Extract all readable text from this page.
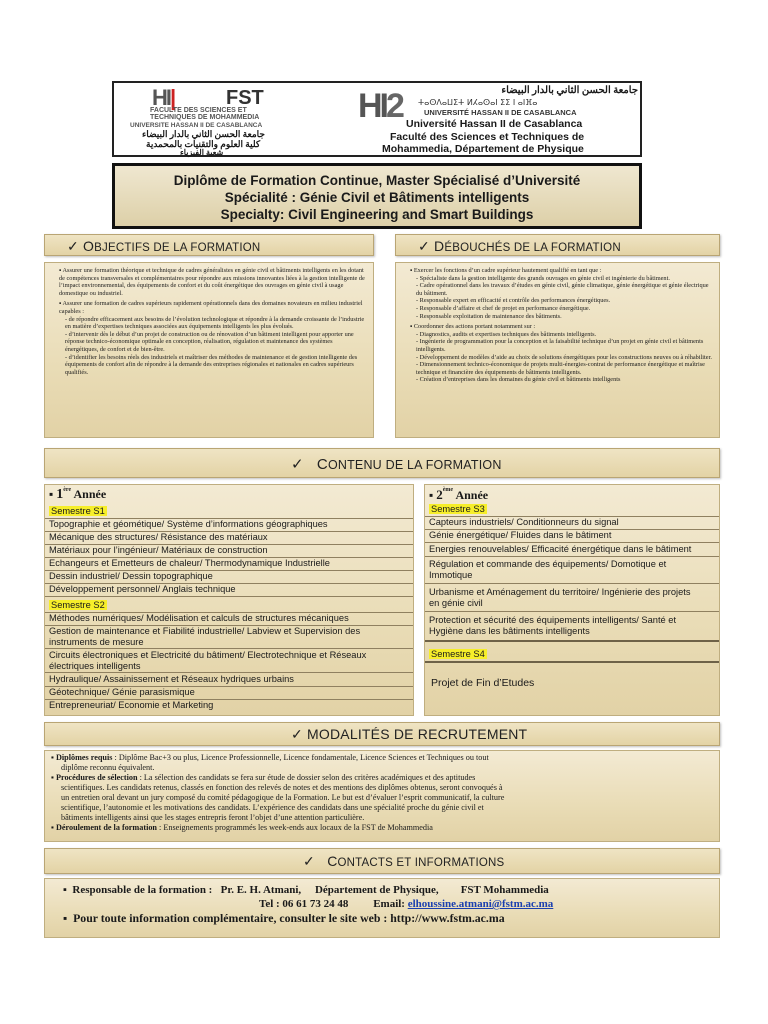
HI|	FST
FACULTE DES SCIENCES ET
TECHNIQUES DE MOHAMMEDIA
UNIVERSITE HASSAN II DE CASABLANCA
جامعة الحسن الثاني بالدار البيضاء
كلية العلوم والتقنيات بالمحمدية
شعبة الفيزياء
HI2	جامعة الحسن الثاني بالدار البيضاء
ⵜⴰⵙⴷⴰⵡⵉⵜ ⵍⵃⴰⵙⴰⵏ ⵉⵉ ⵏ ⴰⵏⴼⴰ
UNIVERSITÉ HASSAN II DE CASABLANCA
Université Hassan II de Casablanca
Faculté des Sciences et Techniques de
Mohammedia, Département de Physique
Diplôme de Formation Continue, Master Spécialisé d’Université
Spécialité : Génie Civil et Bâtiments intelligents
Specialty: Civil Engineering and Smart Buildings
✓ OBJECTIFS DE LA FORMATION
▪ Assurer une formation théorique et technique de cadres généralistes en génie civil et bâtiments intelligents en les dotant de compétences transversales et complémentaires pour répondre aux missions innovantes liées à la gestion intelligente de l’impact environnemental, des équipements de confort et du coût énergétique des ouvrages en génie civil à usage domestique ou industriel.
▪ Assurer une formation de cadres supérieurs rapidement opérationnels dans des domaines novateurs en milieu industriel capables :
- de répondre efficacement aux besoins de l’évolution technologique et répondre à la demande croissante de l’industrie en matière d’expertises techniques associées aux équipements intelligents les plus évolués.
- d’intervenir dès le début d’un projet de construction ou de rénovation d’un bâtiment intelligent pour apporter une réponse technico-économique optimale en conception, réalisation, régulation et maintenance des systèmes énergétiques, de confort et de bien-être.
- d’identifier les besoins réels des industriels et maîtriser des méthodes de maintenance et de gestion intelligente des équipements de confort afin de répondre à la demande des entreprises régionales et nationales en cadres supérieurs qualifiés.
✓ DÉBOUCHÉS DE LA FORMATION
▪ Exercer les fonctions d’un cadre supérieur hautement qualifié en tant que :
- Spécialiste dans la gestion intelligente des grands ouvrages en génie civil et ingénierie du bâtiment.
- Cadre opérationnel dans les travaux d’études en génie civil, génie climatique, génie énergétique et génie électrique du bâtiment.
- Responsable expert en efficacité et contrôle des performances énergétiques.
- Responsable d’affaire et chef de projet en performance énergétique.
- Responsable exploitation de maintenance des bâtiments.
▪ Coordonner des actions portant notamment sur :
- Diagnostics, audits et expertises techniques des bâtiments intelligents.
- Ingénierie de programmation pour la conception et la faisabilité technique d’un projet en génie civil et bâtiments intelligents.
- Développement de modèles d’aide au choix de solutions énergétiques pour les constructions neuves ou à réhabiliter.
- Dimensionnement technico-économique de projets multi-énergies-contrat de performance énergétique et maîtrise technique et financière des équipements de bâtiments intelligents.
- Création d’entreprises dans les domaines du génie civil et bâtiments intelligents
✓ CONTENU DE LA FORMATION
▪ 1ère Année
Semestre S1
Topographie et géométique/ Système d’informations géographiques
Mécanique des structures/ Résistance des matériaux
Matériaux pour l’ingénieur/ Matériaux de construction
Echangeurs et Emetteurs de chaleur/ Thermodynamique Industrielle
Dessin industriel/ Dessin topographique
Développement personnel/ Anglais technique
Semestre S2
Méthodes numériques/ Modélisation et calculs de structures mécaniques
Gestion de maintenance et Fiabilité industrielle/ Labview et Supervision des
instruments de mesure
Circuits électroniques et Electricité du bâtiment/ Electrotechnique et Réseaux
électriques intelligents
Hydraulique/ Assainissement et Réseaux hydriques urbains
Géotechnique/ Génie parasismique
Entrepreneuriat/ Economie et Marketing
▪ 2ème Année
Semestre S3
Capteurs industriels/ Conditionneurs du signal
Génie énergétique/ Fluides dans le bâtiment
Energies renouvelables/ Efficacité énergétique dans le bâtiment
Régulation et commande des équipements/ Domotique et
Immotique
Urbanisme et Aménagement du territoire/ Ingénierie des projets
en génie civil
Protection et sécurité des équipements intelligents/ Santé et
Hygiène dans les bâtiments intelligents
Semestre S4
Projet de Fin d’Etudes
✓ MODALITÉS DE RECRUTEMENT
▪ Diplômes requis : Diplôme Bac+3 ou plus, Licence Professionnelle, Licence fondamentale, Licence Sciences et Techniques ou tout
diplôme reconnu équivalent.
▪ Procédures de sélection : La sélection des candidats se fera sur étude de dossier selon des critères académiques et des aptitudes
scientifiques. Les candidats retenus, classés en fonction des relevés de notes et des mentions des diplômes obtenus, seront convoqués à
un entretien oral devant un jury composé du comité pédagogique de la Formation. Le but est d’évaluer l’esprit communicatif, la culture
scientifique, l’autonomie et les motivations des candidats. L’expérience des candidats dans une spécialité proche du génie civil et
bâtiments intelligents ainsi que les stages entrepris feront l’objet d’une attention particulière.
▪ Déroulement de la formation : Enseignements programmés les week-ends aux locaux de la FST de Mohammedia
✓ CONTACTS ET INFORMATIONS
▪  Responsable de la formation : Pr. E. H. Atmani, Département de Physique, FST Mohammedia
Tel : 06 61 73 24 48 Email: elhoussine.atmani@fstm.ac.ma
▪  Pour toute information complémentaire, consulter le site web : http://www.fstm.ac.ma
